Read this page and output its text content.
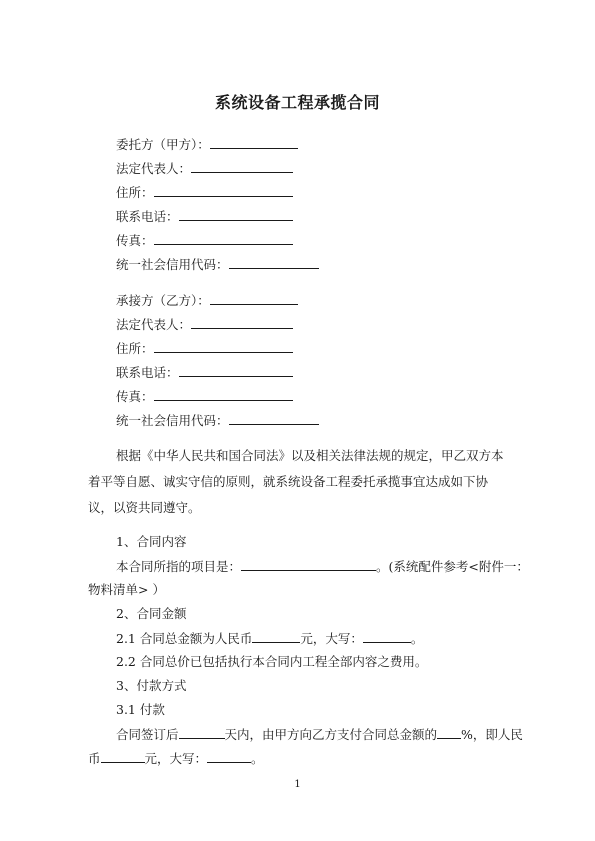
系统设备工程承揽合同
委托方（甲方）：
法定代表人：
住所：
联系电话：
传真：
统一社会信用代码：
承接方（乙方）：
法定代表人：
住所：
联系电话：
传真：
统一社会信用代码：
根据《中华人民共和国合同法》以及相关法律法规的规定，甲乙双方本着平等自愿、诚实守信的原则，就系统设备工程委托承揽事宜达成如下协议，以资共同遵守。
1、合同内容
本合同所指的项目是：	。(系统配件参考<附件一：
物料清单> ）
2、合同金额
2.1 合同总金额为人民币	元，大写：	。
2.2 合同总价已包括执行本合同内工程全部内容之费用。
3、付款方式
3.1 付款
合同签订后	天内，由甲方向乙方支付合同总金额的 %，即人民
币	元，大写：	。
1
